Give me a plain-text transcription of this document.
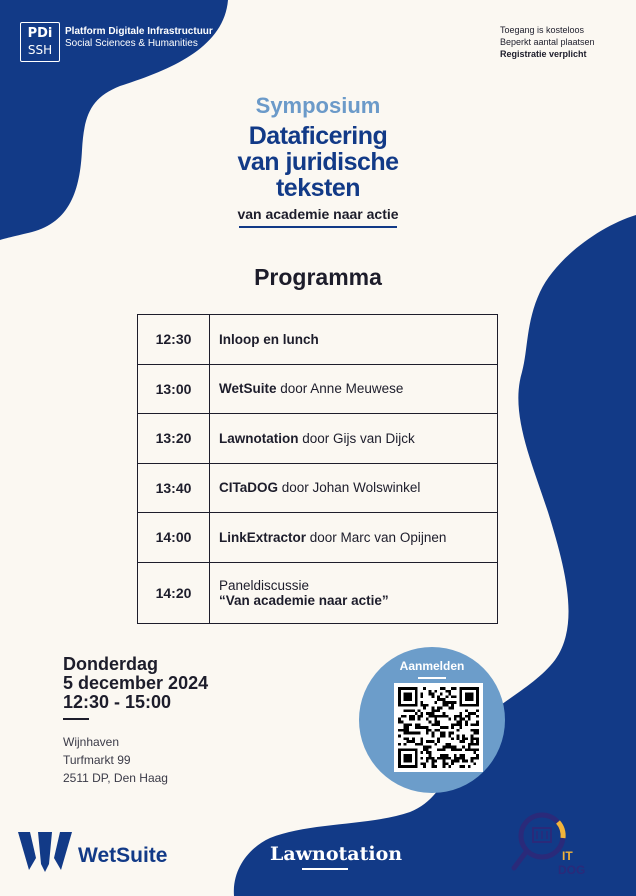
PDi
SSH
Platform Digitale Infrastructuur
Social Sciences & Humanities
Toegang is kosteloos
Beperkt aantal plaatsen
Registratie verplicht
Symposium
Dataficering
van juridische
teksten
van academie naar actie
Programma
12:30	Inloop en lunch
13:00	WetSuite door Anne Meuwese
13:20	Lawnotation door Gijs van Dijck
13:40	CITaDOG door Johan Wolswinkel
14:00	LinkExtractor door Marc van Opijnen
14:20	Paneldiscussie
“Van academie naar actie”
Donderdag
5 december 2024
12:30 - 15:00
Wijnhaven
Turfmarkt 99
2511 DP, Den Haag
Aanmelden
WetSuite	Lawnotation	IT
DOG
